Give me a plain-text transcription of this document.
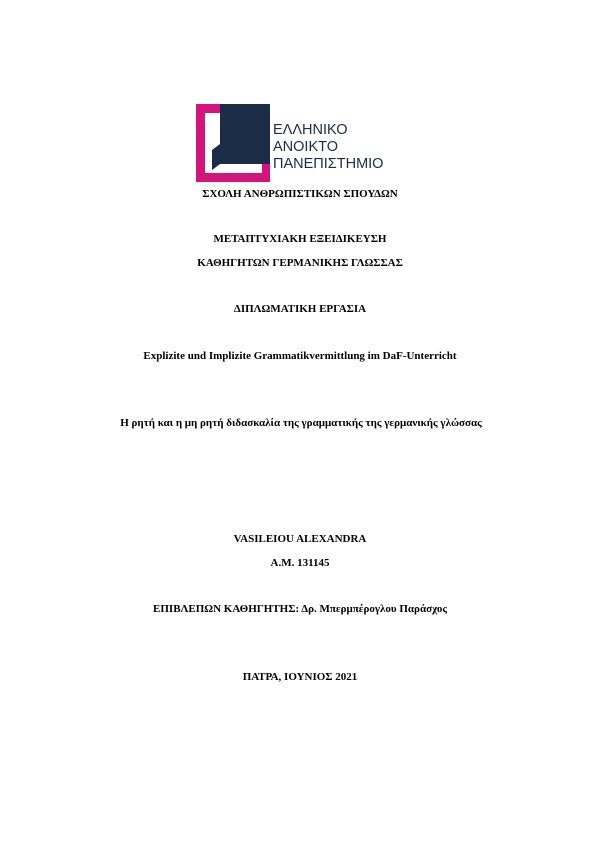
ΕΛΛΗΝΙΚΟ
ΑΝΟΙΚΤΟ
ΠΑΝΕΠΙΣΤΗΜΙΟ
ΣΧΟΛΗ ΑΝΘΡΩΠΙΣΤΙΚΩΝ ΣΠΟΥΔΩΝ
ΜΕΤΑΠΤΥΧΙΑΚΗ ΕΞΕΙΔΙΚΕΥΣΗ
ΚΑΘΗΓΗΤΩΝ ΓΕΡΜΑΝΙΚΗΣ ΓΛΩΣΣΑΣ
ΔΙΠΛΩΜΑΤΙΚΗ ΕΡΓΑΣΙΑ
Explizite und Implizite Grammatikvermittlung im DaF-Unterricht
Η ρητή και η μη ρητή διδασκαλία της γραμματικής της γερμανικής γλώσσας
VASILEIOU ALEXANDRA
Α.Μ. 131145
ΕΠΙΒΛΕΠΩΝ ΚΑΘΗΓΗΤΗΣ: Δρ. Μπερμπέρογλου Παράσχος
ΠΑΤΡΑ, ΙΟΥΝΙΟΣ 2021
